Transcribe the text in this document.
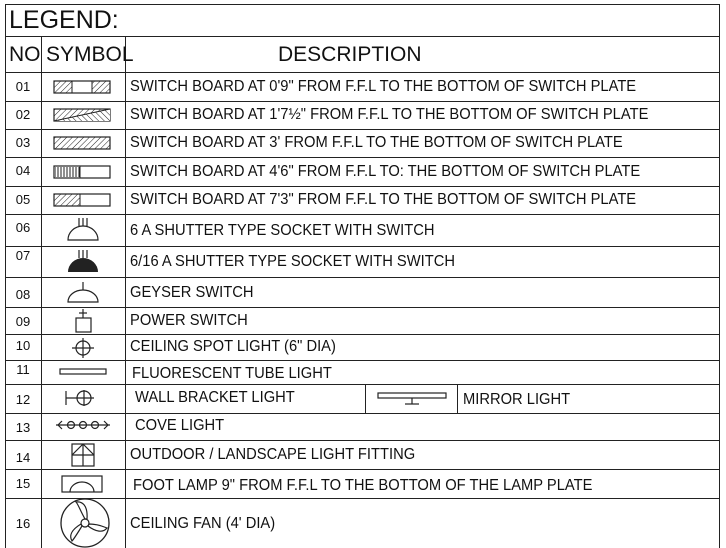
LEGEND:
NO SYMBOL	DESCRIPTION
01
02
03
04
05
06
07
08
09
10
11
12
13
14
15
16
SWITCH BOARD AT 0'9" FROM F.F.L TO THE BOTTOM OF SWITCH PLATE
SWITCH BOARD AT 1'7½" FROM F.F.L TO THE BOTTOM OF SWITCH PLATE
SWITCH BOARD AT 3' FROM F.F.L TO THE BOTTOM OF SWITCH PLATE
SWITCH BOARD AT 4'6" FROM F.F.L TO: THE BOTTOM OF SWITCH PLATE
SWITCH BOARD AT 7'3" FROM F.F.L TO THE BOTTOM OF SWITCH PLATE
6 A SHUTTER TYPE SOCKET WITH SWITCH
6/16 A SHUTTER TYPE SOCKET WITH SWITCH
GEYSER SWITCH
POWER SWITCH
CEILING SPOT LIGHT (6" DIA)
FLUORESCENT TUBE LIGHT
WALL BRACKET LIGHT	MIRROR LIGHT
COVE LIGHT
OUTDOOR / LANDSCAPE LIGHT FITTING
FOOT LAMP 9" FROM F.F.L TO THE BOTTOM OF THE LAMP PLATE
CEILING FAN (4' DIA)
